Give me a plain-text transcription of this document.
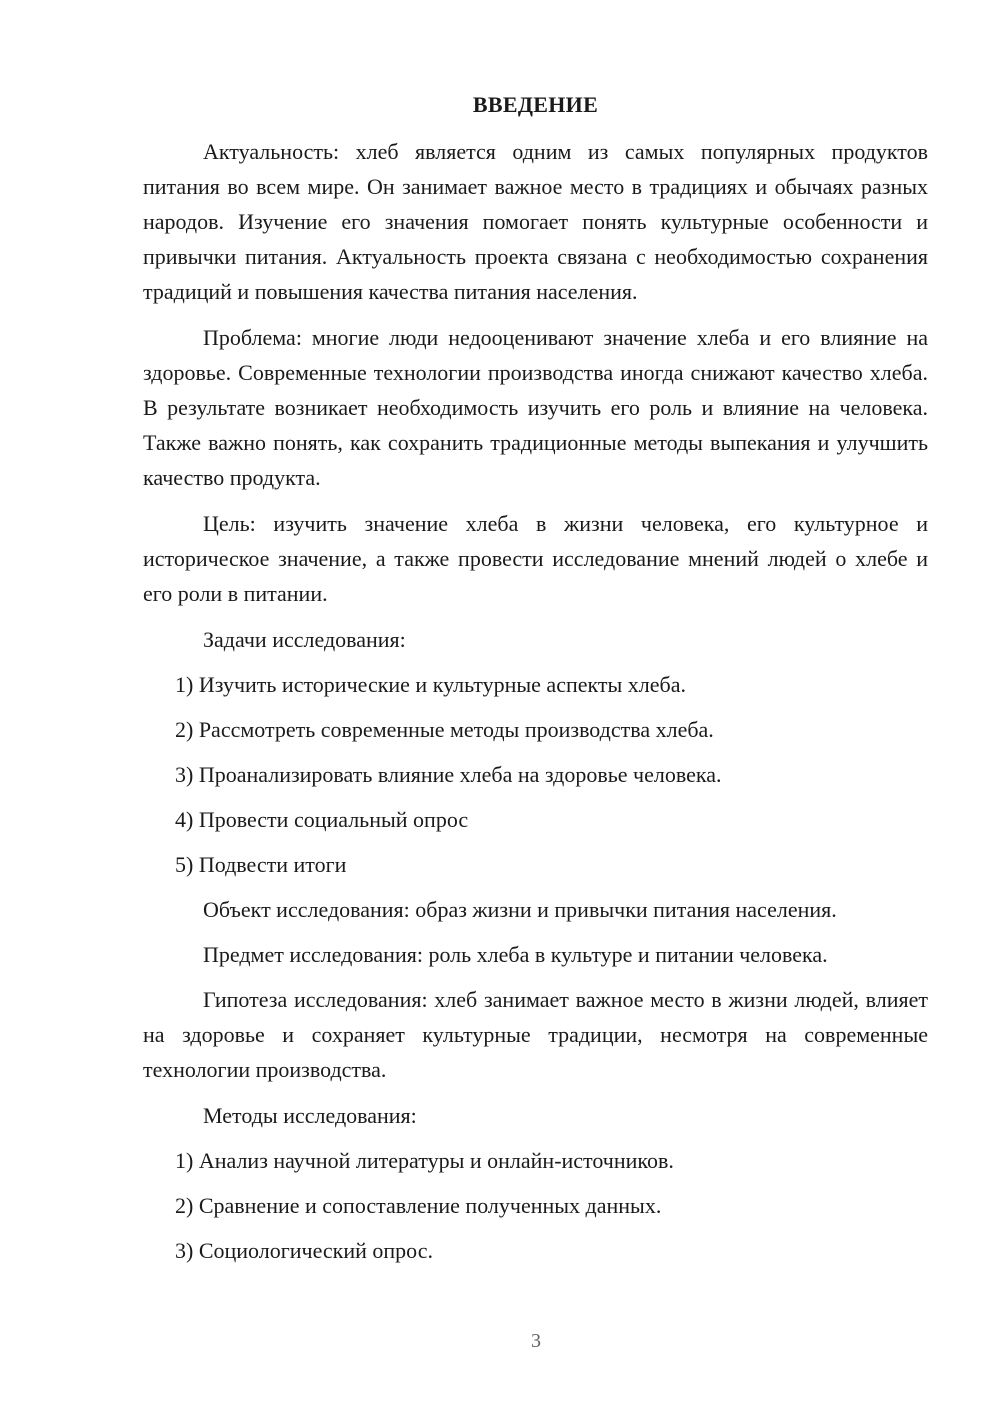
ВВЕДЕНИЕ

Актуальность: хлеб является одним из самых популярных продуктов питания во всем мире. Он занимает важное место в традициях и обычаях разных народов. Изучение его значения помогает понять культурные особенности и привычки питания. Актуальность проекта связана с необходимостью сохранения традиций и повышения качества питания населения.

Проблема: многие люди недооценивают значение хлеба и его влияние на здоровье. Современные технологии производства иногда снижают качество хлеба. В результате возникает необходимость изучить его роль и влияние на человека. Также важно понять, как сохранить традиционные методы выпекания и улучшить качество продукта.

Цель: изучить значение хлеба в жизни человека, его культурное и историческое значение, а также провести исследование мнений людей о хлебе и его роли в питании.

Задачи исследования:
1) Изучить исторические и культурные аспекты хлеба.
2) Рассмотреть современные методы производства хлеба.
3) Проанализировать влияние хлеба на здоровье человека.
4) Провести социальный опрос
5) Подвести итоги
Объект исследования: образ жизни и привычки питания населения.
Предмет исследования: роль хлеба в культуре и питании человека.

Гипотеза исследования: хлеб занимает важное место в жизни людей, влияет на здоровье и сохраняет культурные традиции, несмотря на современные технологии производства.

Методы исследования:
1) Анализ научной литературы и онлайн-источников.
2) Сравнение и сопоставление полученных данных.
3) Социологический опрос.
3
